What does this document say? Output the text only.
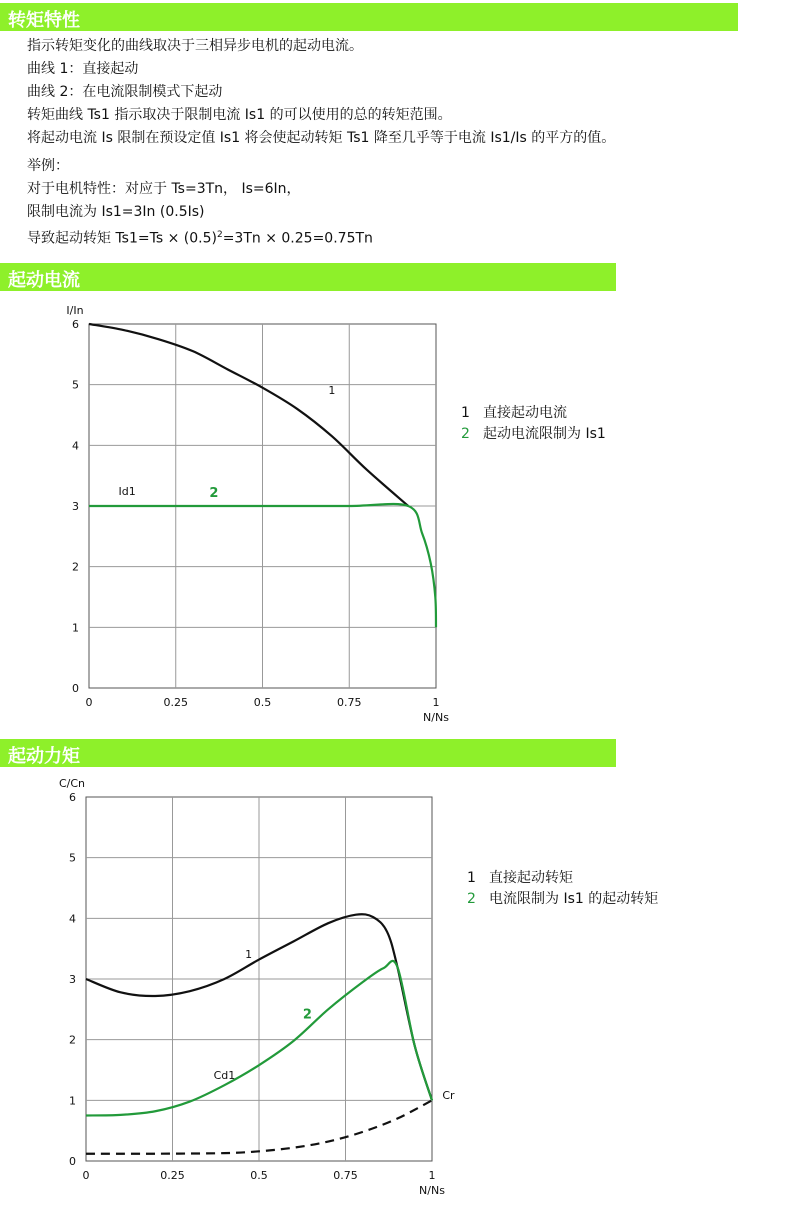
转矩特性
指示转矩变化的曲线取决于三相异步电机的起动电流。
曲线 1：直接起动
曲线 2：在电流限制模式下起动
转矩曲线 Ts1 指示取决于限制电流 Is1 的可以使用的总的转矩范围。
将起动电流 Is 限制在预设定值 Is1 将会使起动转矩 Ts1 降至几乎等于电流 Is1/Is 的平方的值。
举例：
对于电机特性：对应于 Ts=3Tn， Is=6In，
限制电流为 Is1=3In (0.5Is)
导致起动转矩 $Ts1=Ts \times (0.5)^2=3Tn \times 0.25=0.75Tn$
起动电流
0	0.25	0.5	0.75	1
0
1
2
3
4
5
6
I/In
N/Ns
Id1	2
1
1 直接起动电流
2 起动电流限制为 Is1
起动力矩
0	0.25	0.5	0.75	1
0
1
2
3
4
5
6
C/Cn
N/Ns
2
1
Cd1
Cr
1 直接起动转矩
2 电流限制为 Is1 的起动转矩
